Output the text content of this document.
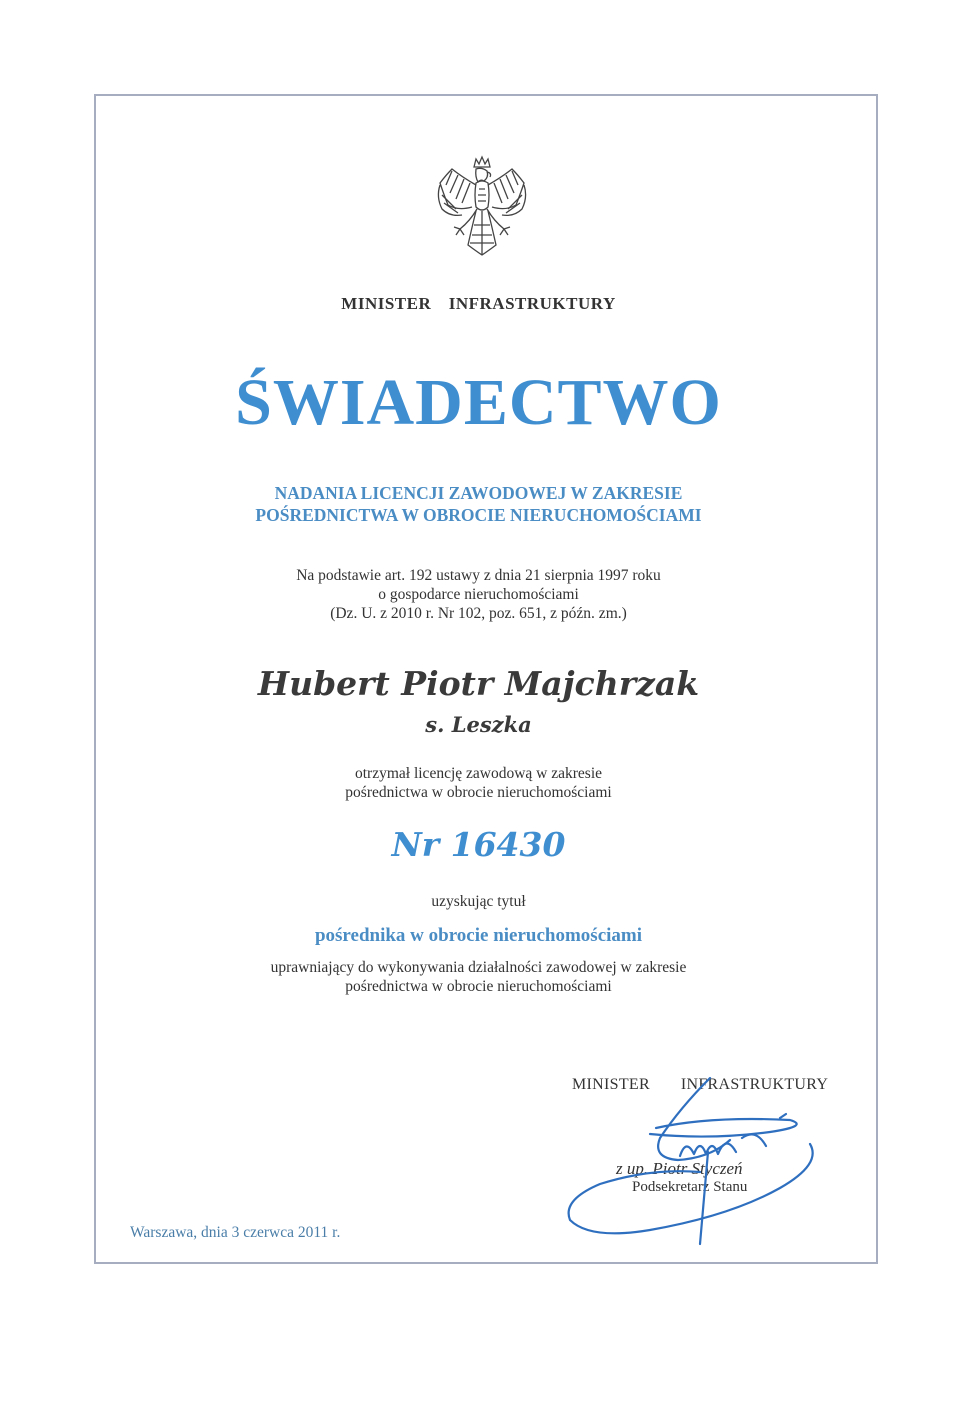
MINISTER  INFRASTRUKTURY
ŚWIADECTWO
NADANIA LICENCJI ZAWODOWEJ W ZAKRESIE
POŚREDNICTWA W OBROCIE NIERUCHOMOŚCIAMI
Na podstawie art. 192 ustawy z dnia 21 sierpnia 1997 roku
o gospodarce nieruchomościami
(Dz. U. z 2010 r. Nr 102, poz. 651, z późn. zm.)
Hubert Piotr Majchrzak
s. Leszka
otrzymał licencję zawodową w zakresie
pośrednictwa w obrocie nieruchomościami
Nr 16430
uzyskując tytuł
pośrednika w obrocie nieruchomościami
uprawniający do wykonywania działalności zawodowej w zakresie
pośrednictwa w obrocie nieruchomościami
MINISTER   INFRASTRUKTURY
z up. Piotr Styczeń
Podsekretarz Stanu
Warszawa, dnia 3 czerwca 2011 r.
